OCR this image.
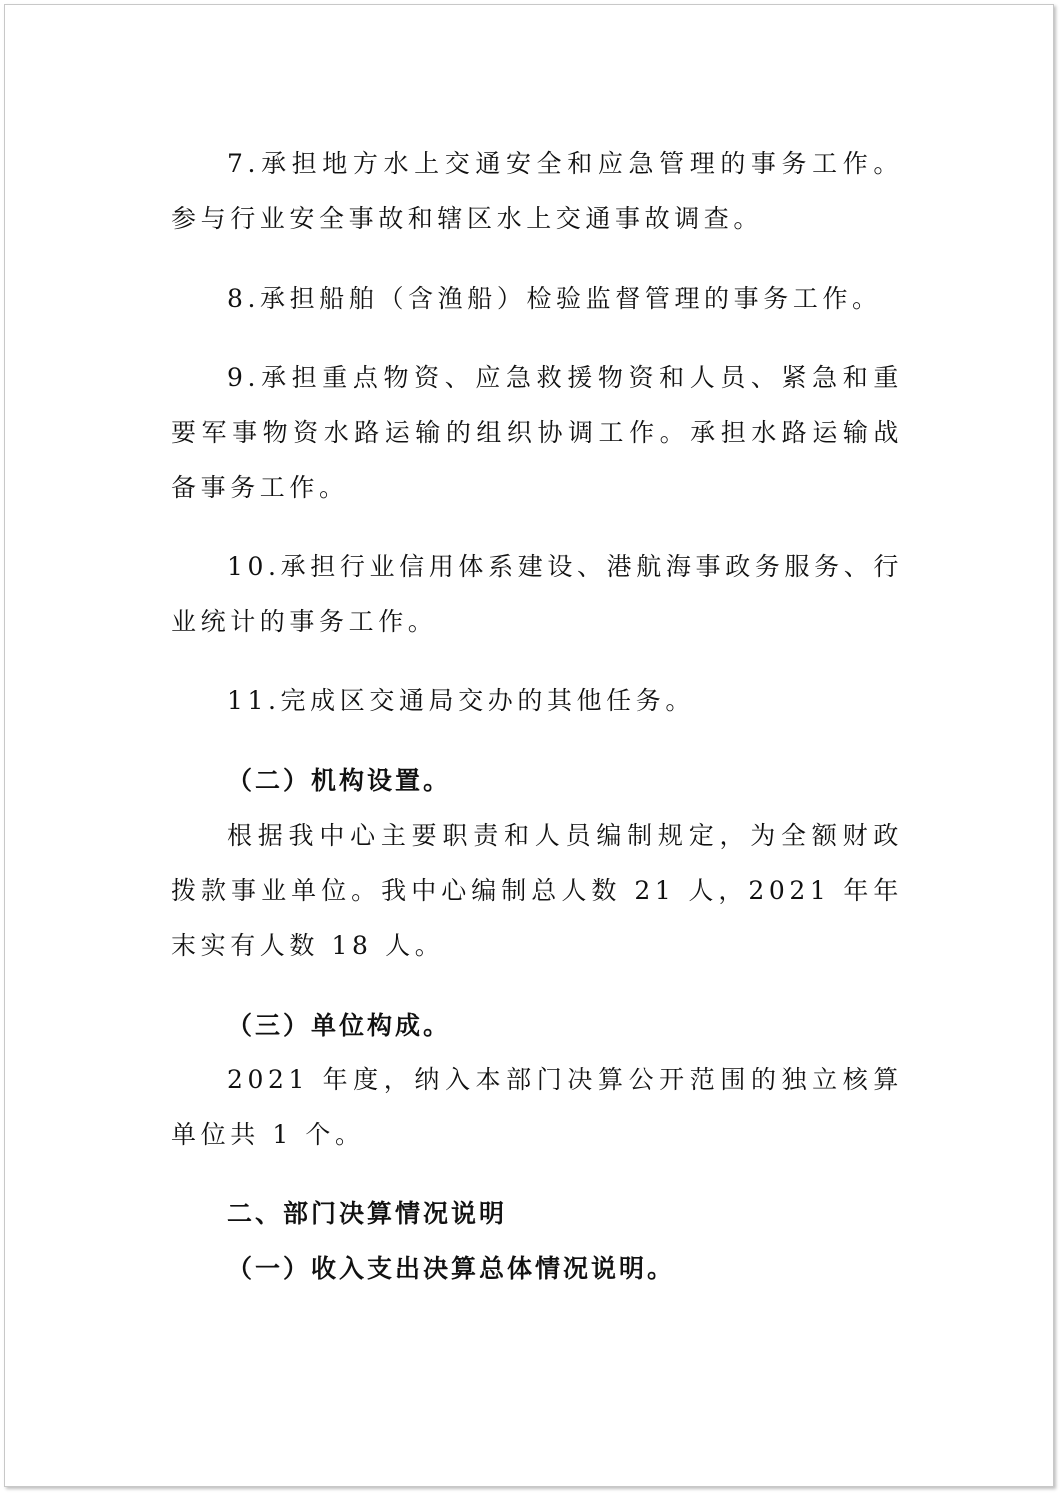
7.承担地方水上交通安全和应急管理的事务工作。参与行业安全事故和辖区水上交通事故调查。

8.承担船舶（含渔船）检验监督管理的事务工作。

9.承担重点物资、应急救援物资和人员、紧急和重要军事物资水路运输的组织协调工作。承担水路运输战备事务工作。

10.承担行业信用体系建设、港航海事政务服务、行业统计的事务工作。

11.完成区交通局交办的其他任务。

（二）机构设置。

根据我中心主要职责和人员编制规定，为全额财政拨款事业单位。我中心编制总人数 21 人，2021 年年末实有人数 18 人。

（三）单位构成。

2021 年度，纳入本部门决算公开范围的独立核算单位共 1 个。

二、部门决算情况说明

（一）收入支出决算总体情况说明。
